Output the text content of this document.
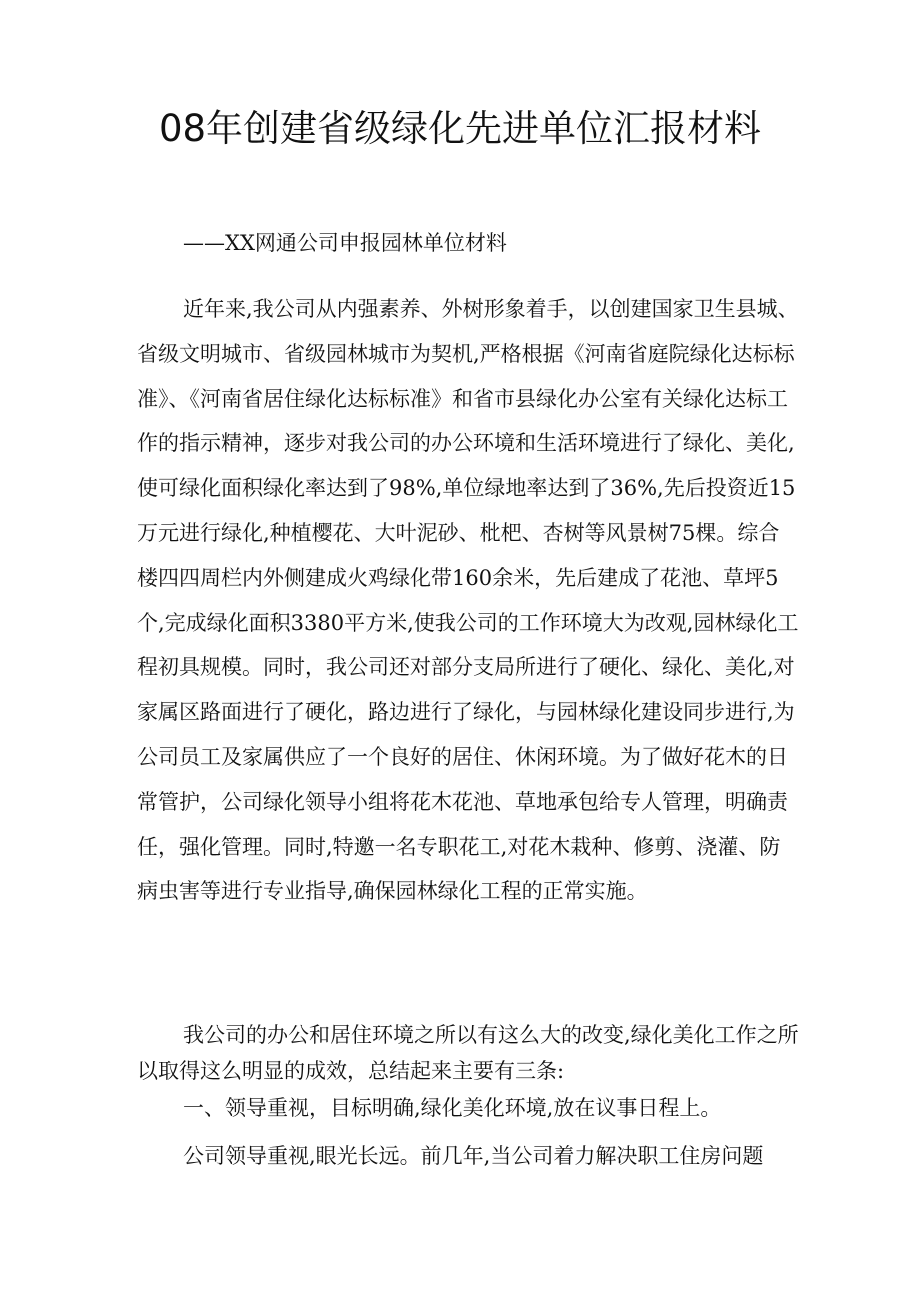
08年创建省级绿化先进单位汇报材料
——XX网通公司申报园林单位材料

近年来,我公司从内强素养、外树形象着手，以创建国家卫生县城、省级文明城市、省级园林城市为契机,严格根据《河南省庭院绿化达标标准》、《河南省居住绿化达标标准》和省市县绿化办公室有关绿化达标工作的指示精神，逐步对我公司的办公环境和生活环境进行了绿化、美化,使可绿化面积绿化率达到了98%,单位绿地率达到了36%,先后投资近15万元进行绿化,种植樱花、大叶泥砂、枇杷、杏树等风景树75棵。综合楼四四周栏内外侧建成火鸡绿化带160余米，先后建成了花池、草坪5个,完成绿化面积3380平方米,使我公司的工作环境大为改观,园林绿化工程初具规模。同时，我公司还对部分支局所进行了硬化、绿化、美化,对家属区路面进行了硬化，路边进行了绿化，与园林绿化建设同步进行,为公司员工及家属供应了一个良好的居住、休闲环境。为了做好花木的日常管护，公司绿化领导小组将花木花池、草地承包给专人管理，明确责任，强化管理。同时,特邀一名专职花工,对花木栽种、修剪、浇灌、防病虫害等进行专业指导,确保园林绿化工程的正常实施。

我公司的办公和居住环境之所以有这么大的改变,绿化美化工作之所以取得这么明显的成效，总结起来主要有三条:

一、领导重视，目标明确,绿化美化环境,放在议事日程上。

公司领导重视,眼光长远。前几年,当公司着力解决职工住房问题
